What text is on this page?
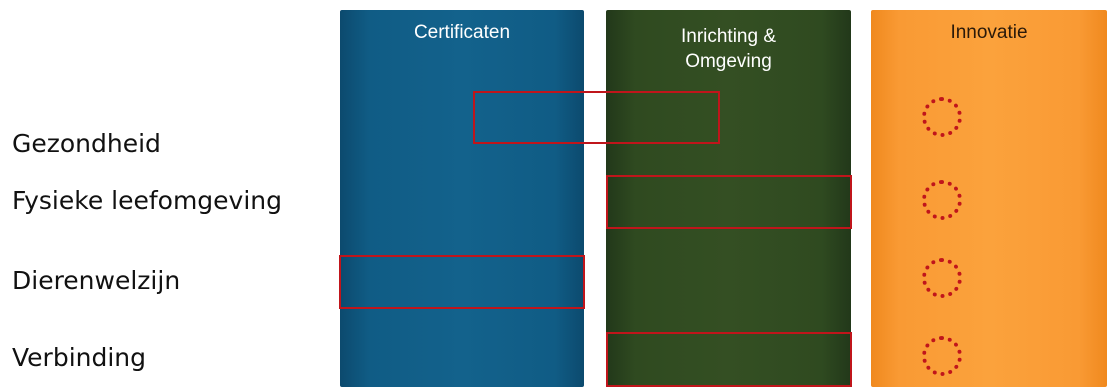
Certificaten	Inrichting &
Omgeving
Innovatie
Gezondheid
Fysieke leefomgeving
Dierenwelzijn
Verbinding
